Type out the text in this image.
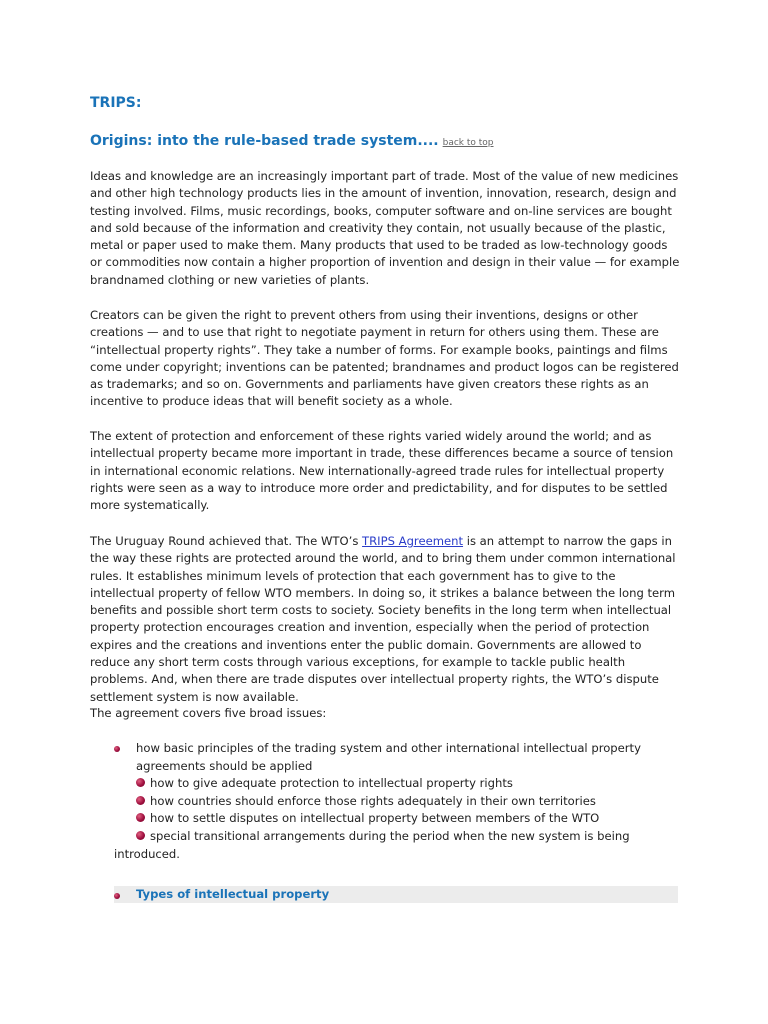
TRIPS:
Origins: into the rule-based trade system.... back to top

Ideas and knowledge are an increasingly important part of trade. Most of the value of new medicines and other high technology products lies in the amount of invention, innovation, research, design and testing involved. Films, music recordings, books, computer software and on-line services are bought and sold because of the information and creativity they contain, not usually because of the plastic, metal or paper used to make them. Many products that used to be traded as low-technology goods or commodities now contain a higher proportion of invention and design in their value — for example brandnamed clothing or new varieties of plants.

Creators can be given the right to prevent others from using their inventions, designs or other creations — and to use that right to negotiate payment in return for others using them. These are “intellectual property rights”. They take a number of forms. For example books, paintings and films come under copyright; inventions can be patented; brandnames and product logos can be registered as trademarks; and so on. Governments and parliaments have given creators these rights as an incentive to produce ideas that will benefit society as a whole.

The extent of protection and enforcement of these rights varied widely around the world; and as intellectual property became more important in trade, these differences became a source of tension in international economic relations. New internationally-agreed trade rules for intellectual property rights were seen as a way to introduce more order and predictability, and for disputes to be settled more systematically.

The Uruguay Round achieved that. The WTO’s TRIPS Agreement is an attempt to narrow the gaps in the way these rights are protected around the world, and to bring them under common international rules. It establishes minimum levels of protection that each government has to give to the intellectual property of fellow WTO members. In doing so, it strikes a balance between the long term benefits and possible short term costs to society. Society benefits in the long term when intellectual property protection encourages creation and invention, especially when the period of protection expires and the creations and inventions enter the public domain. Governments are allowed to reduce any short term costs through various exceptions, for example to tackle public health problems. And, when there are trade disputes over intellectual property rights, the WTO’s dispute settlement system is now available.

The agreement covers five broad issues:

how basic principles of the trading system and other international intellectual property agreements should be applied
how to give adequate protection to intellectual property rights
how countries should enforce those rights adequately in their own territories
how to settle disputes on intellectual property between members of the WTO
special transitional arrangements during the period when the new system is being
introduced.
Types of intellectual property
